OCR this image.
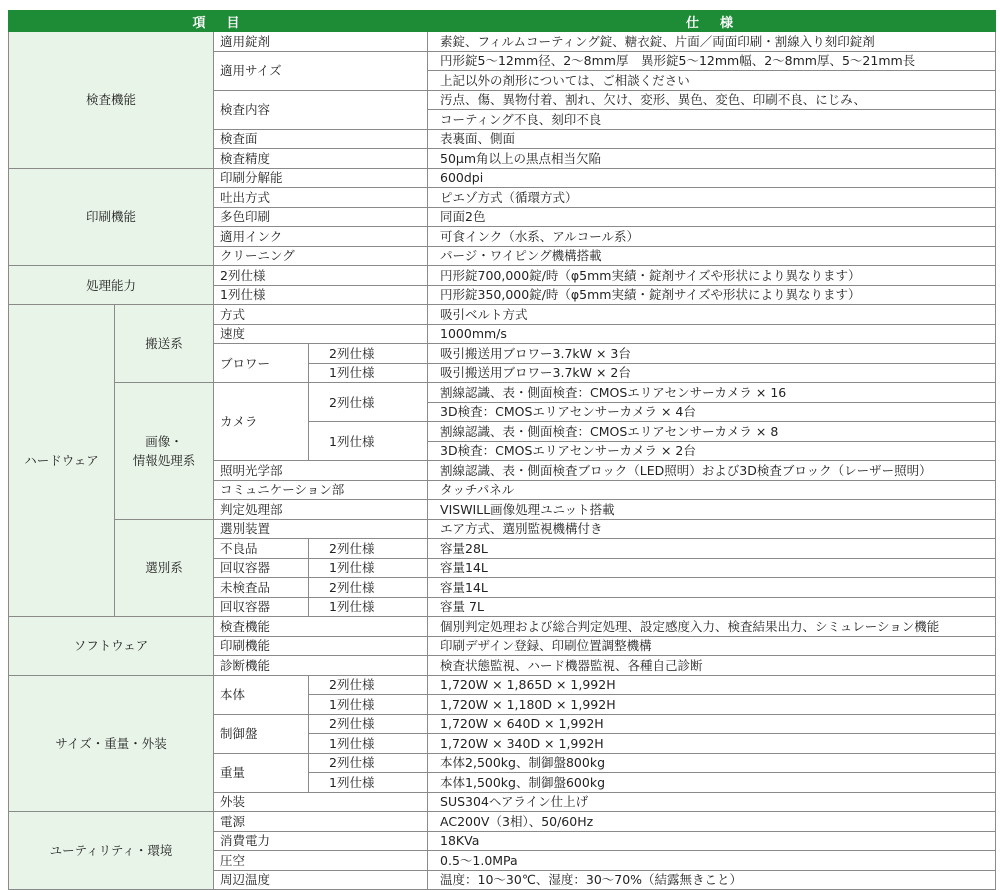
項　目				仕　様
検査機能		適用錠剤		素錠、フィルムコーティング錠、糖衣錠、片面／両面印刷・割線入り刻印錠剤
		適用サイズ		円形錠5～12mm径、2～8mm厚　異形錠5～12mm幅、2～8mm厚、5～21mm長
				上記以外の剤形については、ご相談ください
		検査内容		汚点、傷、異物付着、割れ、欠け、変形、異色、変色、印刷不良、にじみ、
				コーティング不良、刻印不良
		検査面		表裏面、側面
		検査精度		50μm角以上の黒点相当欠陥
印刷機能		印刷分解能		600dpi
		吐出方式		ピエゾ方式（循環方式）
		多色印刷		同面2色
		適用インク		可食インク（水系、アルコール系）
		クリーニング		パージ・ワイピング機構搭載
処理能力		2列仕様		円形錠700,000錠/時（φ5mm実績・錠剤サイズや形状により異なります）
		1列仕様		円形錠350,000錠/時（φ5mm実績・錠剤サイズや形状により異なります）
ハードウェア	搬送系	方式		吸引ベルト方式
		速度		1000mm/s
		ブロワー	2列仕様	吸引搬送用ブロワー3.7kW × 3台
			1列仕様	吸引搬送用ブロワー3.7kW × 2台
	画像・
情報処理系	カメラ	2列仕様	割線認識、表・側面検査：CMOSエリアセンサーカメラ × 16
				3D検査：CMOSエリアセンサーカメラ × 4台
			1列仕様	割線認識、表・側面検査：CMOSエリアセンサーカメラ × 8
				3D検査：CMOSエリアセンサーカメラ × 2台
		照明光学部		割線認識、表・側面検査ブロック（LED照明）および3D検査ブロック（レーザー照明）
		コミュニケーション部		タッチパネル
		判定処理部		VISWILL画像処理ユニット搭載
	選別系	選別装置		エア方式、選別監視機構付き
		不良品	2列仕様	容量28L
		回収容器	1列仕様	容量14L
		未検査品	2列仕様	容量14L
		回収容器	1列仕様	容量 7L
ソフトウェア		検査機能		個別判定処理および総合判定処理、設定感度入力、検査結果出力、シミュレーション機能
		印刷機能		印刷デザイン登録、印刷位置調整機構
		診断機能		検査状態監視、ハード機器監視、各種自己診断
サイズ・重量・外装		本体	2列仕様	1,720W × 1,865D × 1,992H
			1列仕様	1,720W × 1,180D × 1,992H
		制御盤	2列仕様	1,720W × 640D × 1,992H
			1列仕様	1,720W × 340D × 1,992H
		重量	2列仕様	本体2,500kg、制御盤800kg
			1列仕様	本体1,500kg、制御盤600kg
		外装		SUS304ヘアライン仕上げ
ユーティリティ・環境		電源		AC200V（3相）、50/60Hz
		消費電力		18KVa
		圧空		0.5～1.0MPa
		周辺温度		温度：10～30℃、湿度：30～70%（結露無きこと）
